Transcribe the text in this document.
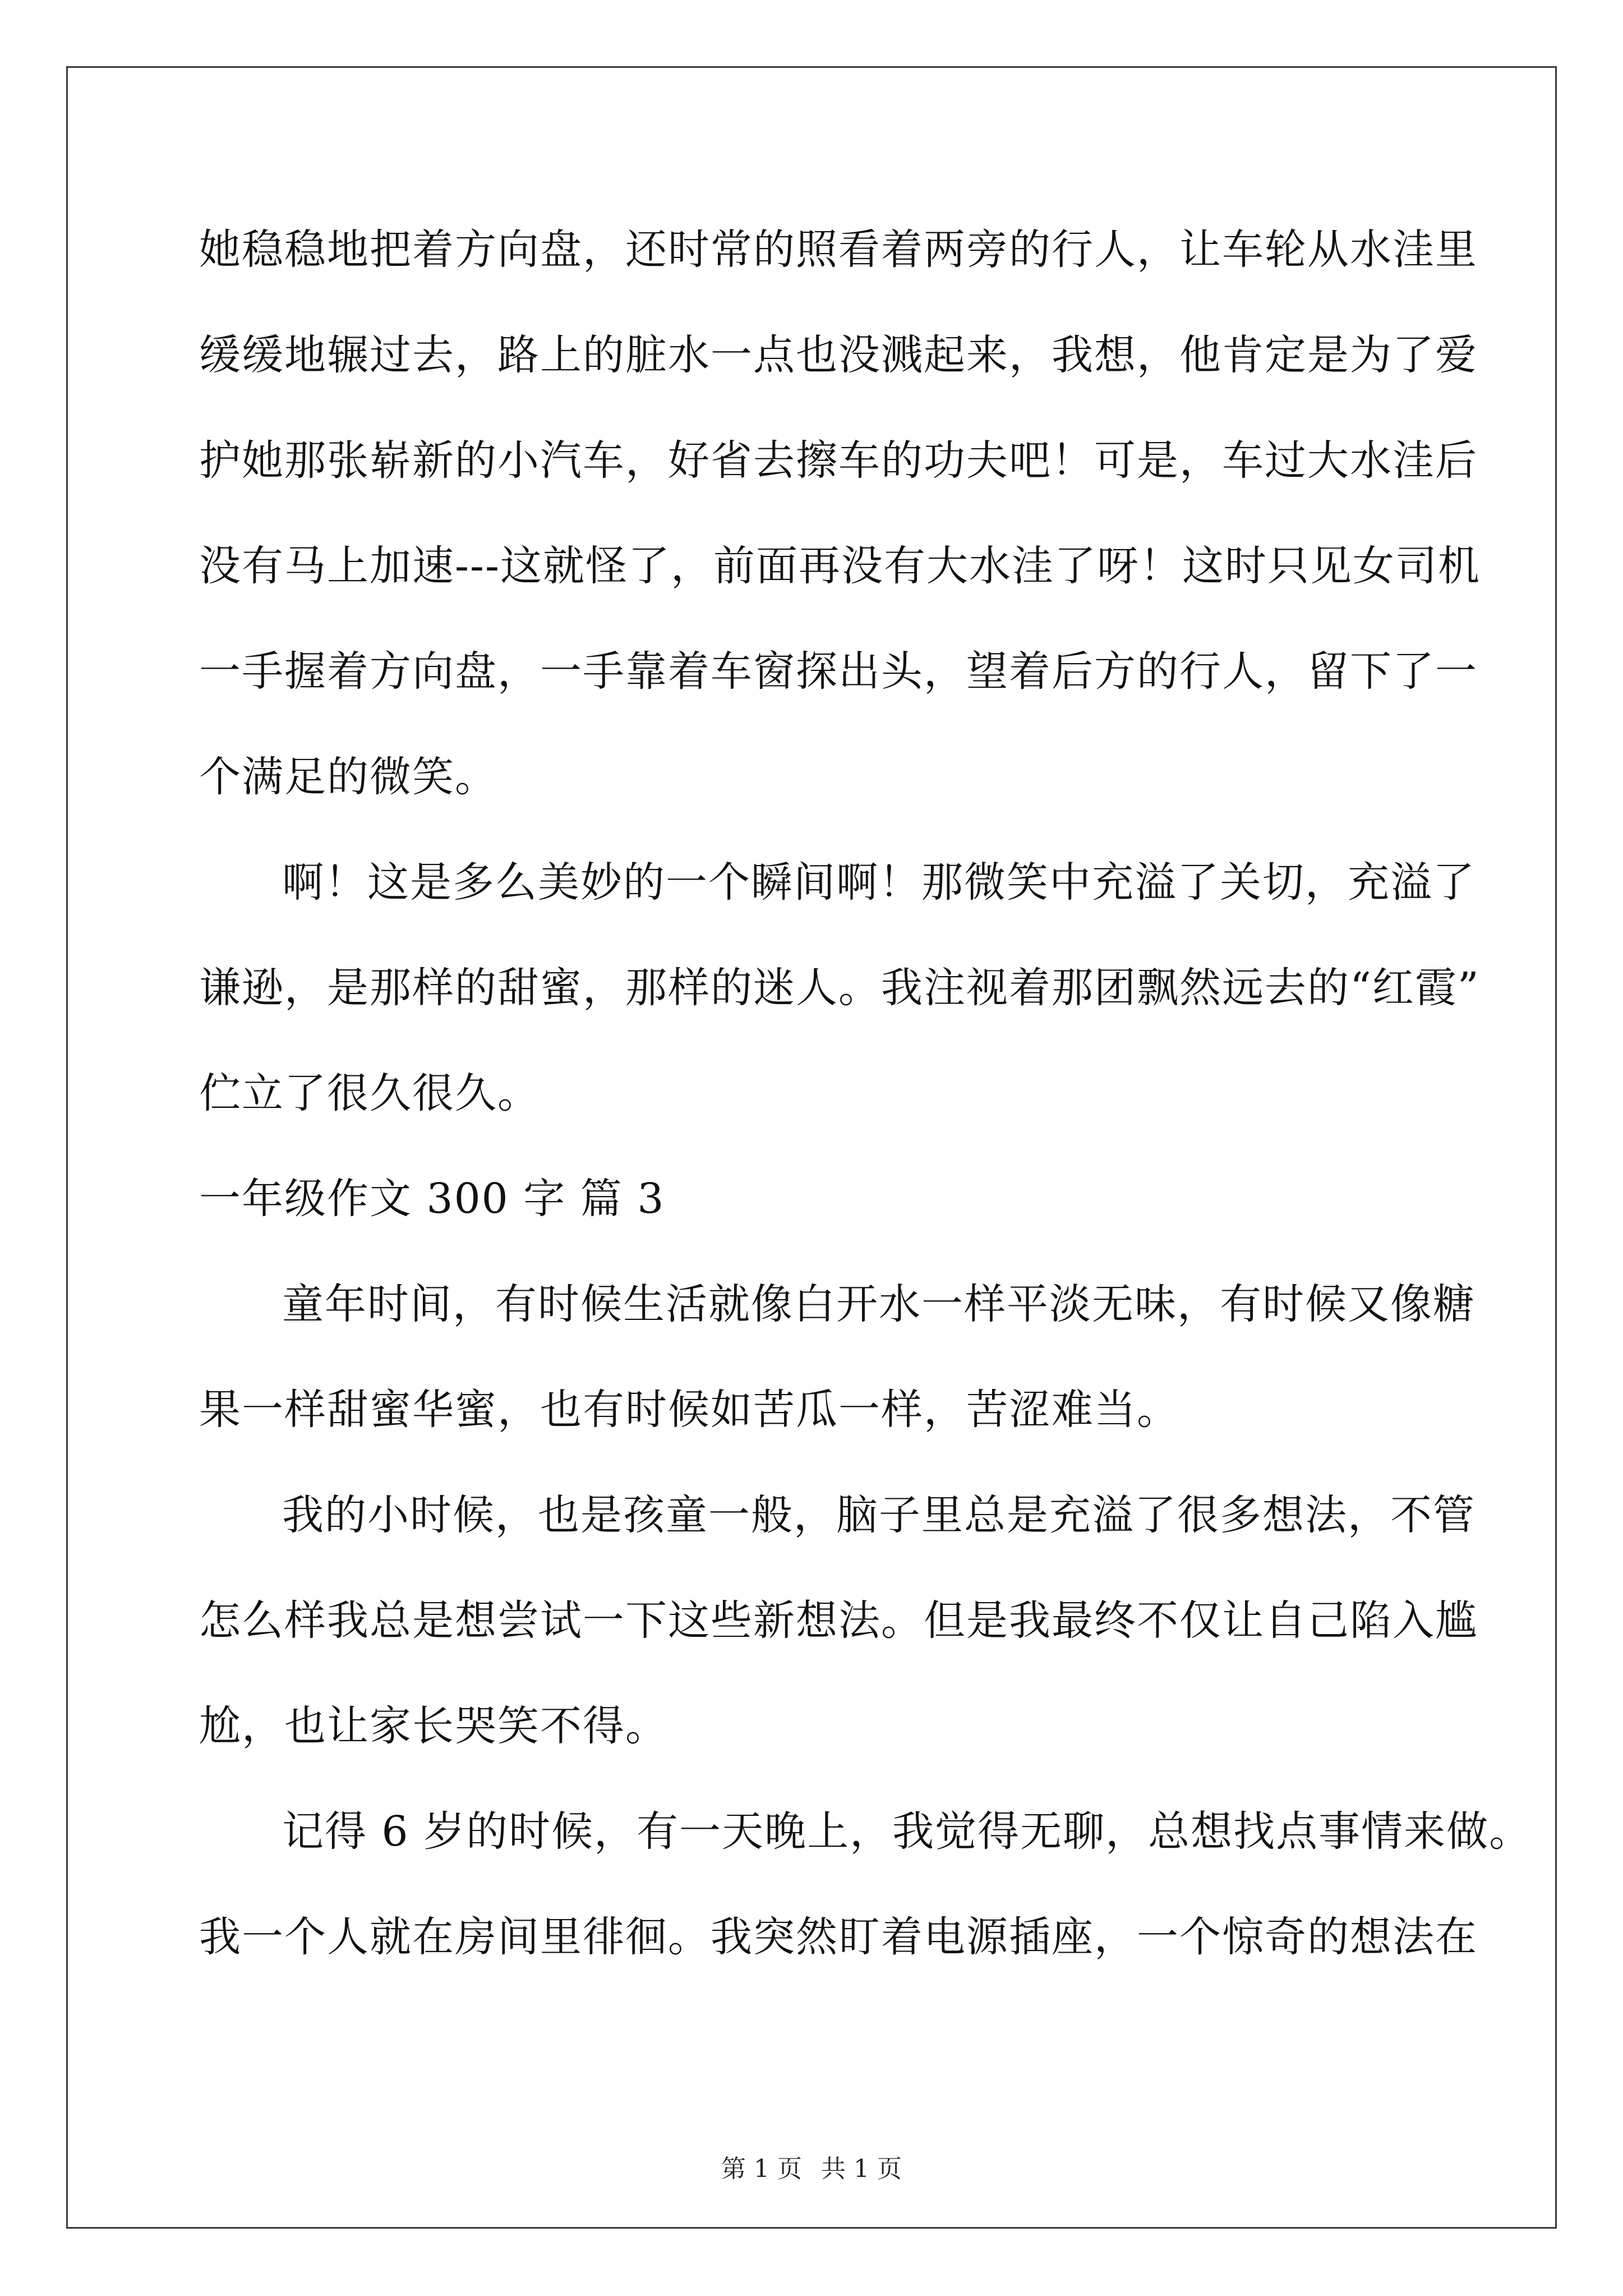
她稳稳地把着方向盘，还时常的照看着两旁的行人，让车轮从水洼里
缓缓地辗过去，路上的脏水一点也没溅起来，我想，他肯定是为了爱
护她那张崭新的小汽车，好省去擦车的功夫吧！可是，车过大水洼后
没有马上加速---这就怪了，前面再没有大水洼了呀！这时只见女司机
一手握着方向盘，一手靠着车窗探出头，望着后方的行人，留下了一
个满足的微笑。
啊！这是多么美妙的一个瞬间啊！那微笑中充溢了关切，充溢了
谦逊，是那样的甜蜜，那样的迷人。我注视着那团飘然远去的“红霞”
伫立了很久很久。
一年级作文 300 字 篇 3
童年时间，有时候生活就像白开水一样平淡无味，有时候又像糖
果一样甜蜜华蜜，也有时候如苦瓜一样，苦涩难当。
我的小时候，也是孩童一般，脑子里总是充溢了很多想法，不管
怎么样我总是想尝试一下这些新想法。但是我最终不仅让自己陷入尴
尬，也让家长哭笑不得。
记得 6 岁的时候，有一天晚上，我觉得无聊，总想找点事情来做。
我一个人就在房间里徘徊。我突然盯着电源插座，一个惊奇的想法在
第 1 页 共 1 页
